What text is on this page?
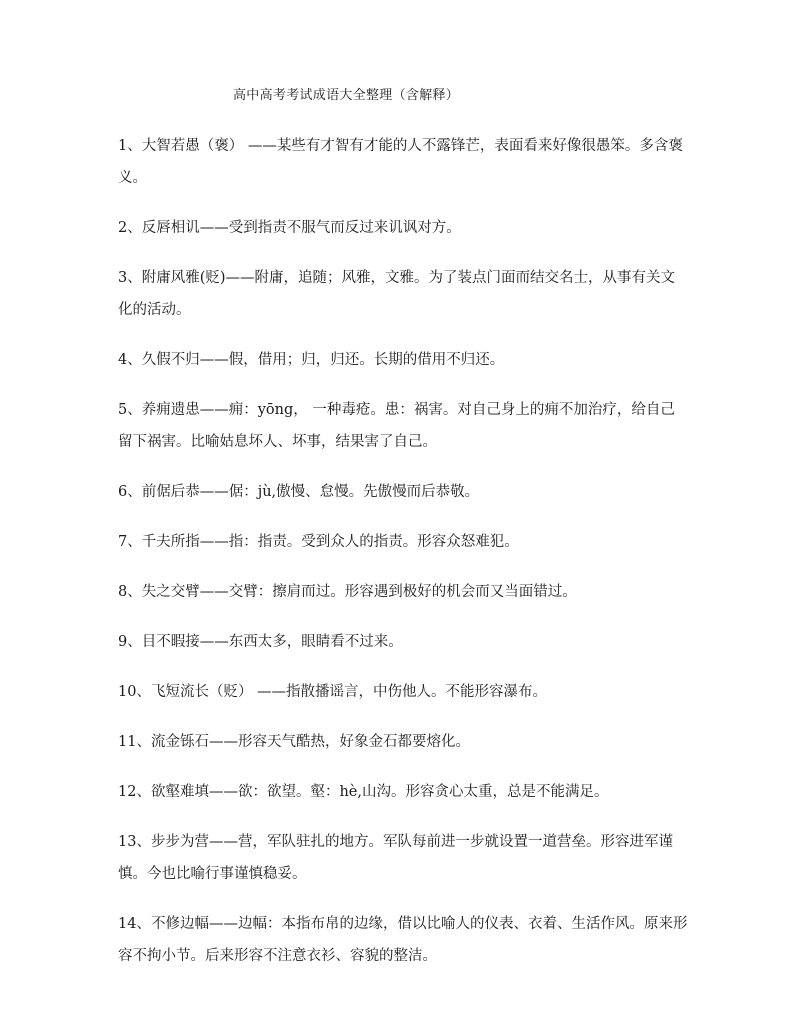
高中高考考试成语大全整理（含解释）

1、大智若愚（褒） ——某些有才智有才能的人不露锋芒，表面看来好像很愚笨。多含褒义。

2、反唇相讥——受到指责不服气而反过来讥讽对方。

3、附庸风雅(贬)——附庸，追随；风雅，文雅。为了装点门面而结交名士，从事有关文化的活动。

4、久假不归——假，借用；归，归还。长期的借用不归还。

5、养痈遗患——痈：yōng， 一种毒疮。患：祸害。对自己身上的痈不加治疗，给自己留下祸害。比喻姑息坏人、坏事，结果害了自己。

6、前倨后恭——倨：jù,傲慢、怠慢。先傲慢而后恭敬。

7、千夫所指——指：指责。受到众人的指责。形容众怒难犯。

8、失之交臂——交臂：擦肩而过。形容遇到极好的机会而又当面错过。

9、目不暇接——东西太多，眼睛看不过来。

10、飞短流长（贬） ——指散播谣言，中伤他人。不能形容瀑布。

11、流金铄石——形容天气酷热，好象金石都要熔化。

12、欲壑难填——欲：欲望。壑：hè,山沟。形容贪心太重，总是不能满足。

13、步步为营——营，军队驻扎的地方。军队每前进一步就设置一道营垒。形容进军谨慎。今也比喻行事谨慎稳妥。

14、不修边幅——边幅：本指布帛的边缘，借以比喻人的仪表、衣着、生活作风。原来形容不拘小节。后来形容不注意衣衫、容貌的整洁。
